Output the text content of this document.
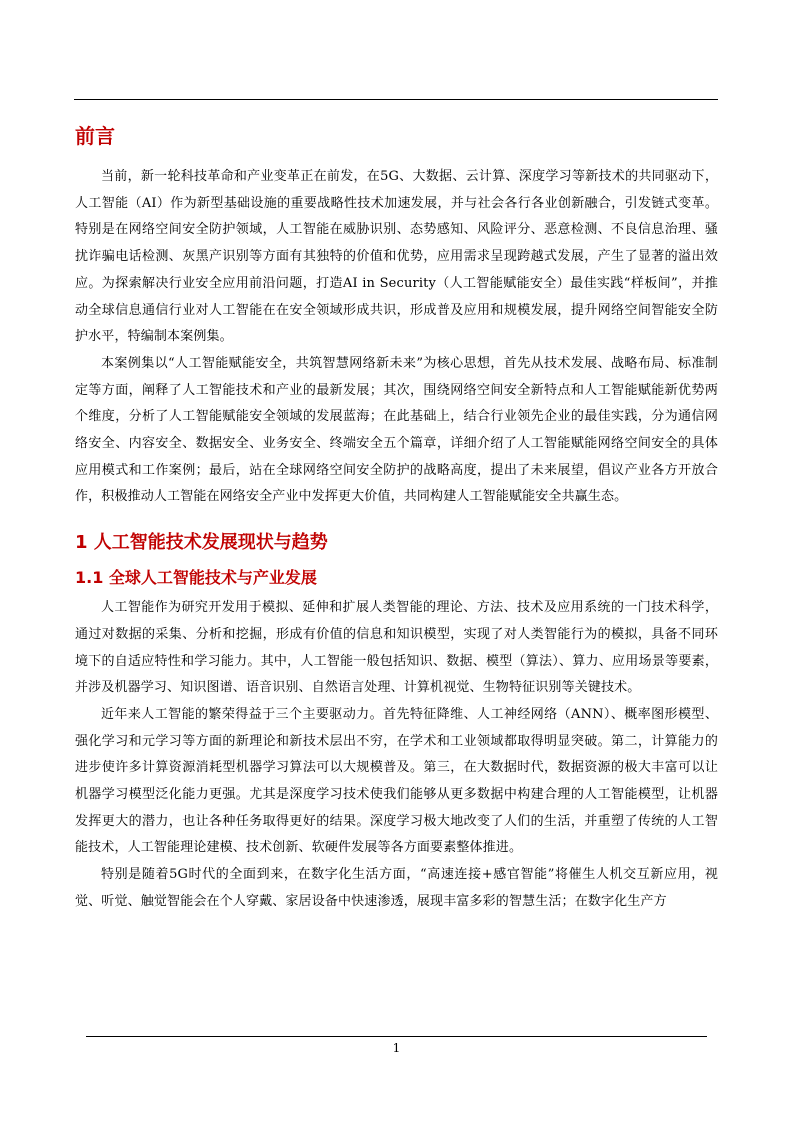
前言

当前，新一轮科技革命和产业变革正在前发，在5G、大数据、云计算、深度学习等新技术的共同驱动下，人工智能（AI）作为新型基础设施的重要战略性技术加速发展，并与社会各行各业创新融合，引发链式变革。特别是在网络空间安全防护领域，人工智能在威胁识别、态势感知、风险评分、恶意检测、不良信息治理、骚扰诈骗电话检测、灰黑产识别等方面有其独特的价值和优势，应用需求呈现跨越式发展，产生了显著的溢出效应。为探索解决行业安全应用前沿问题，打造AI in Security（人工智能赋能安全）最佳实践“样板间”，并推动全球信息通信行业对人工智能在在安全领域形成共识，形成普及应用和规模发展，提升网络空间智能安全防护水平，特编制本案例集。

本案例集以“人工智能赋能安全，共筑智慧网络新未来”为核心思想，首先从技术发展、战略布局、标准制定等方面，阐释了人工智能技术和产业的最新发展；其次，围绕网络空间安全新特点和人工智能赋能新优势两个维度，分析了人工智能赋能安全领域的发展蓝海；在此基础上，结合行业领先企业的最佳实践，分为通信网络安全、内容安全、数据安全、业务安全、终端安全五个篇章，详细介绍了人工智能赋能网络空间安全的具体应用模式和工作案例；最后，站在全球网络空间安全防护的战略高度，提出了未来展望，倡议产业各方开放合作，积极推动人工智能在网络安全产业中发挥更大价值，共同构建人工智能赋能安全共赢生态。

1 人工智能技术发展现状与趋势
1.1 全球人工智能技术与产业发展

人工智能作为研究开发用于模拟、延伸和扩展人类智能的理论、方法、技术及应用系统的一门技术科学，通过对数据的采集、分析和挖掘，形成有价值的信息和知识模型，实现了对人类智能行为的模拟，具备不同环境下的自适应特性和学习能力。其中，人工智能一般包括知识、数据、模型（算法）、算力、应用场景等要素，并涉及机器学习、知识图谱、语音识别、自然语言处理、计算机视觉、生物特征识别等关键技术。

近年来人工智能的繁荣得益于三个主要驱动力。首先特征降维、人工神经网络（ANN）、概率图形模型、强化学习和元学习等方面的新理论和新技术层出不穷，在学术和工业领域都取得明显突破。第二，计算能力的进步使许多计算资源消耗型机器学习算法可以大规模普及。第三，在大数据时代，数据资源的极大丰富可以让机器学习模型泛化能力更强。尤其是深度学习技术使我们能够从更多数据中构建合理的人工智能模型，让机器发挥更大的潜力，也让各种任务取得更好的结果。深度学习极大地改变了人们的生活，并重塑了传统的人工智能技术，人工智能理论建模、技术创新、软硬件发展等各方面要素整体推进。

特别是随着5G时代的全面到来，在数字化生活方面，“高速连接+感官智能”将催生人机交互新应用，视觉、听觉、触觉智能会在个人穿戴、家居设备中快速渗透，展现丰富多彩的智慧生活；在数字化生产方

1
